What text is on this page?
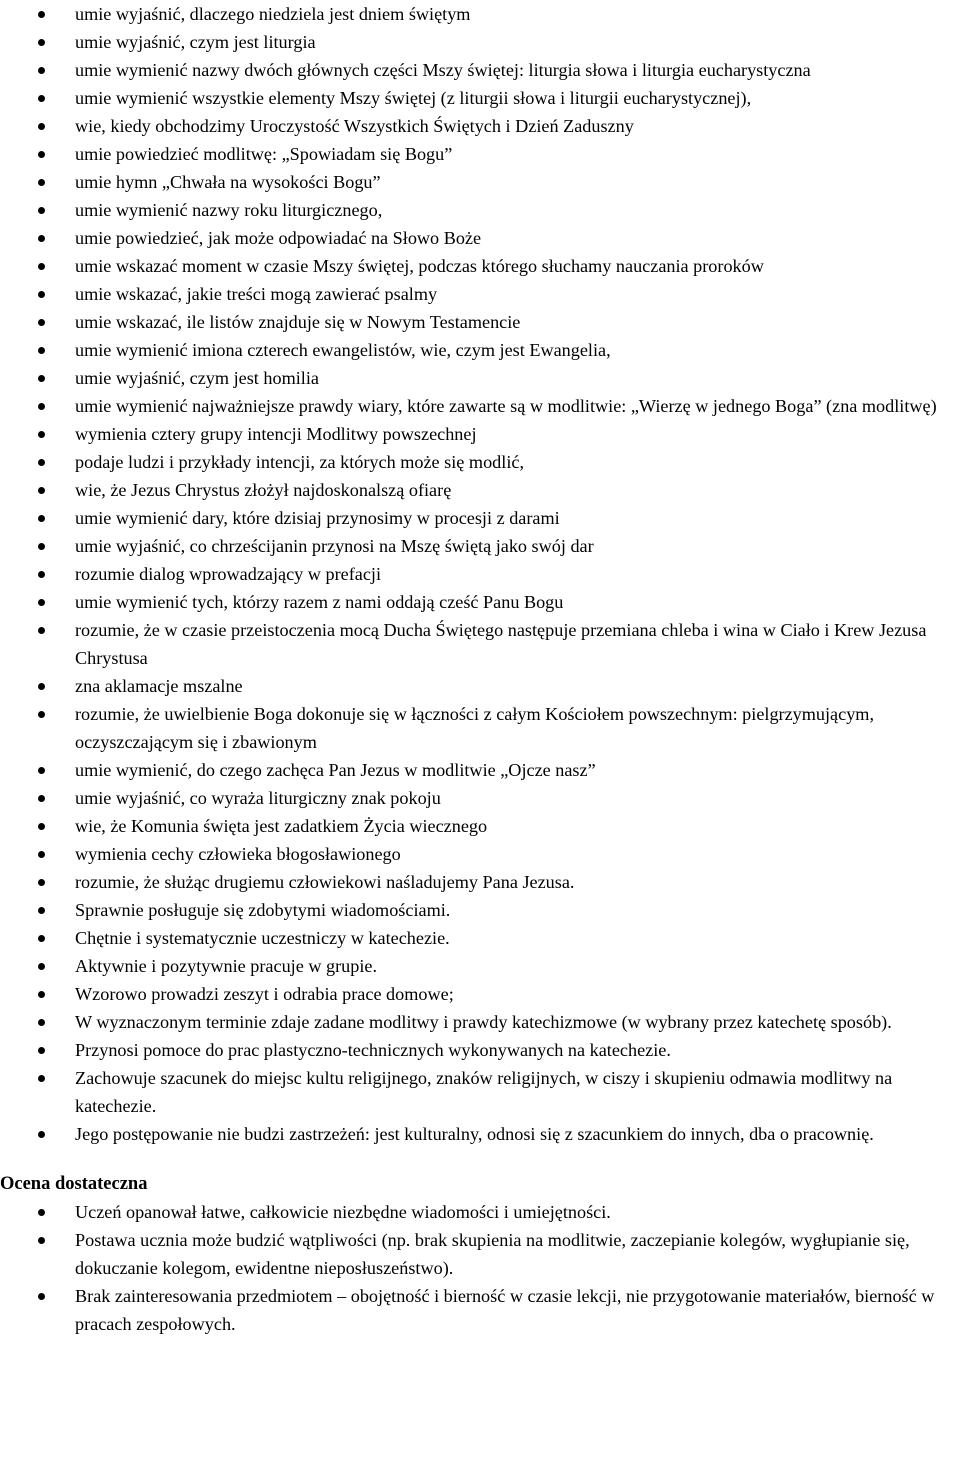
umie wyjaśnić, dlaczego niedziela jest dniem świętym
umie wyjaśnić, czym jest liturgia
umie wymienić nazwy dwóch głównych części Mszy świętej: liturgia słowa i liturgia eucharystyczna
umie wymienić wszystkie elementy Mszy świętej (z liturgii słowa i liturgii eucharystycznej),
wie, kiedy obchodzimy Uroczystość Wszystkich Świętych i Dzień Zaduszny
umie powiedzieć modlitwę: „Spowiadam się Bogu”
umie hymn „Chwała na wysokości Bogu”
umie wymienić nazwy roku liturgicznego,
umie powiedzieć, jak może odpowiadać na Słowo Boże
umie wskazać moment w czasie Mszy świętej, podczas którego słuchamy nauczania proroków
umie wskazać, jakie treści mogą zawierać psalmy
umie wskazać, ile listów znajduje się w Nowym Testamencie
umie wymienić imiona czterech ewangelistów, wie, czym jest Ewangelia,
umie wyjaśnić, czym jest homilia
umie wymienić najważniejsze prawdy wiary, które zawarte są w modlitwie: „Wierzę w jednego Boga” (zna modlitwę)
wymienia cztery grupy intencji Modlitwy powszechnej
podaje ludzi i przykłady intencji, za których może się modlić,
wie, że Jezus Chrystus złożył najdoskonalszą ofiarę
umie wymienić dary, które dzisiaj przynosimy w procesji z darami
umie wyjaśnić, co chrześcijanin przynosi na Mszę świętą jako swój dar
rozumie dialog wprowadzający w prefacji
umie wymienić tych, którzy razem z nami oddają cześć Panu Bogu
rozumie, że w czasie przeistoczenia mocą Ducha Świętego następuje przemiana chleba i wina w Ciało i Krew Jezusa Chrystusa
zna aklamacje mszalne
rozumie, że uwielbienie Boga dokonuje się w łączności z całym Kościołem powszechnym: pielgrzymującym, oczyszczającym się i zbawionym
umie wymienić, do czego zachęca Pan Jezus w modlitwie „Ojcze nasz”
umie wyjaśnić, co wyraża liturgiczny znak pokoju
wie, że Komunia święta jest zadatkiem Życia wiecznego
wymienia cechy człowieka błogosławionego
rozumie, że służąc drugiemu człowiekowi naśladujemy Pana Jezusa.
Sprawnie posługuje się zdobytymi wiadomościami.
Chętnie i systematycznie uczestniczy w katechezie.
Aktywnie i pozytywnie pracuje w grupie.
Wzorowo prowadzi zeszyt i odrabia prace domowe;
W wyznaczonym terminie zdaje zadane modlitwy i prawdy katechizmowe (w wybrany przez katechetę sposób).
Przynosi pomoce do prac plastyczno-technicznych wykonywanych na katechezie.
Zachowuje szacunek do miejsc kultu religijnego, znaków religijnych, w ciszy i skupieniu odmawia modlitwy na katechezie.
Jego postępowanie nie budzi zastrzeżeń: jest kulturalny, odnosi się z szacunkiem do innych, dba o pracownię.
Ocena dostateczna
Uczeń opanował łatwe, całkowicie niezbędne wiadomości i umiejętności.
Postawa ucznia może budzić wątpliwości (np. brak skupienia na modlitwie, zaczepianie kolegów, wygłupianie się, dokuczanie kolegom, ewidentne nieposłuszeństwo).
Brak zainteresowania przedmiotem – obojętność i bierność w czasie lekcji, nie przygotowanie materiałów, bierność w pracach zespołowych.
